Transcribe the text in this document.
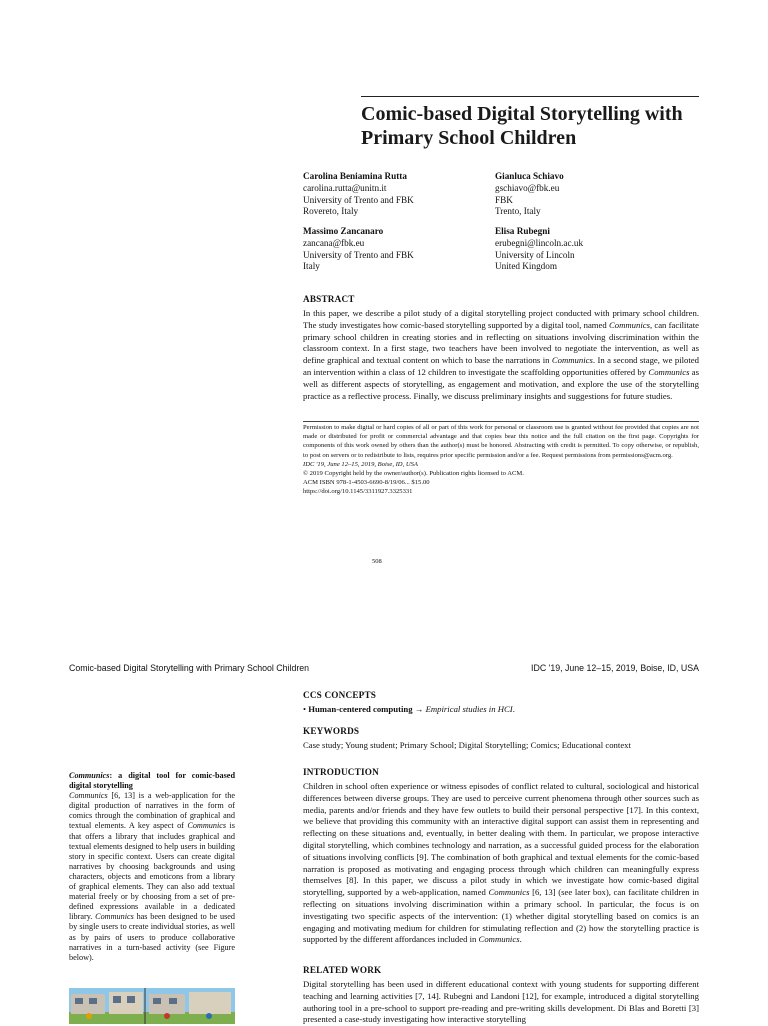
Comic-based Digital Storytelling with Primary School Children
Carolina Beniamina Rutta
carolina.rutta@unitn.it
University of Trento and FBK
Rovereto, Italy
Gianluca Schiavo
gschiavo@fbk.eu
FBK
Trento, Italy
Massimo Zancanaro
zancana@fbk.eu
University of Trento and FBK
Italy
Elisa Rubegni
erubegni@lincoln.ac.uk
University of Lincoln
United Kingdom
ABSTRACT
In this paper, we describe a pilot study of a digital storytelling project conducted with primary school children. The study investigates how comic-based storytelling supported by a digital tool, named Communics, can facilitate primary school children in creating stories and in reflecting on situations involving discrimination within the classroom context. In a first stage, two teachers have been involved to negotiate the intervention, as well as define graphical and textual content on which to base the narrations in Communics. In a second stage, we piloted an intervention within a class of 12 children to investigate the scaffolding opportunities offered by Communics as well as different aspects of storytelling, as engagement and motivation, and explore the use of the storytelling practice as a reflective process. Finally, we discuss preliminary insights and suggestions for future studies.
Permission to make digital or hard copies of all or part of this work for personal or classroom use is granted without fee provided that copies are not made or distributed for profit or commercial advantage and that copies bear this notice and the full citation on the first page. Copyrights for components of this work owned by others than the author(s) must be honored. Abstracting with credit is permitted. To copy otherwise, or republish, to post on servers or to redistribute to lists, requires prior specific permission and/or a fee. Request permissions from permissions@acm.org.
IDC '19, June 12–15, 2019, Boise, ID, USA
© 2019 Copyright held by the owner/author(s). Publication rights licensed to ACM.
ACM ISBN 978-1-4503-6690-8/19/06... $15.00
https://doi.org/10.1145/3311927.3325331
508
Comic-based Digital Storytelling with Primary School Children	IDC '19, June 12–15, 2019, Boise, ID, USA
CCS CONCEPTS
• Human-centered computing → Empirical studies in HCI.
KEYWORDS
Case study; Young student; Primary School; Digital Storytelling; Comics; Educational context
Communics: a digital tool for comic-based digital storytelling
Communics [6, 13] is a web-application for the digital production of narratives in the form of comics through the combination of graphical and textual elements. A key aspect of Communics is that offers a library that includes graphical and textual elements designed to help users in building story in specific context. Users can create digital narratives by choosing backgrounds and using characters, objects and emoticons from a library of graphical elements. They can also add textual material freely or by choosing from a set of pre-defined expressions available in a dedicated library. Communics has been designed to be used by single users to create individual stories, as well as by pairs of users to produce collaborative narratives in a turn-based activity (see Figure below).
INTRODUCTION
Children in school often experience or witness episodes of conflict related to cultural, sociological and historical differences between diverse groups. They are used to perceive current phenomena through other sources such as media, parents and/or friends and they have few outlets to build their personal perspective [17]. In this context, we believe that providing this community with an interactive digital support can assist them in representing and reflecting on these situations and, eventually, in better dealing with them. In particular, we propose interactive digital storytelling, which combines technology and narration, as a successful guided process for the elaboration of situations involving conflicts [9]. The combination of both graphical and textual elements for the comic-based narration is proposed as motivating and engaging process through which children can meaningfully express themselves [8]. In this paper, we discuss a pilot study in which we investigate how comic-based digital storytelling, supported by a web-application, named Communics [6, 13] (see later box), can facilitate children in reflecting on situations involving discrimination within a primary school. In particular, the focus is on investigating two specific aspects of the intervention: (1) whether digital storytelling based on comics is an engaging and motivating medium for children for stimulating reflection and (2) how the storytelling practice is supported by the different affordances included in Communics.
RELATED WORK
Digital storytelling has been used in different educational context with young students for supporting different teaching and learning activities [7, 14]. Rubegni and Landoni [12], for example, introduced a digital storytelling authoring tool in a pre-school to support pre-reading and pre-writing skills development. Di Blas and Boretti [3] presented a case-study investigating how interactive storytelling
